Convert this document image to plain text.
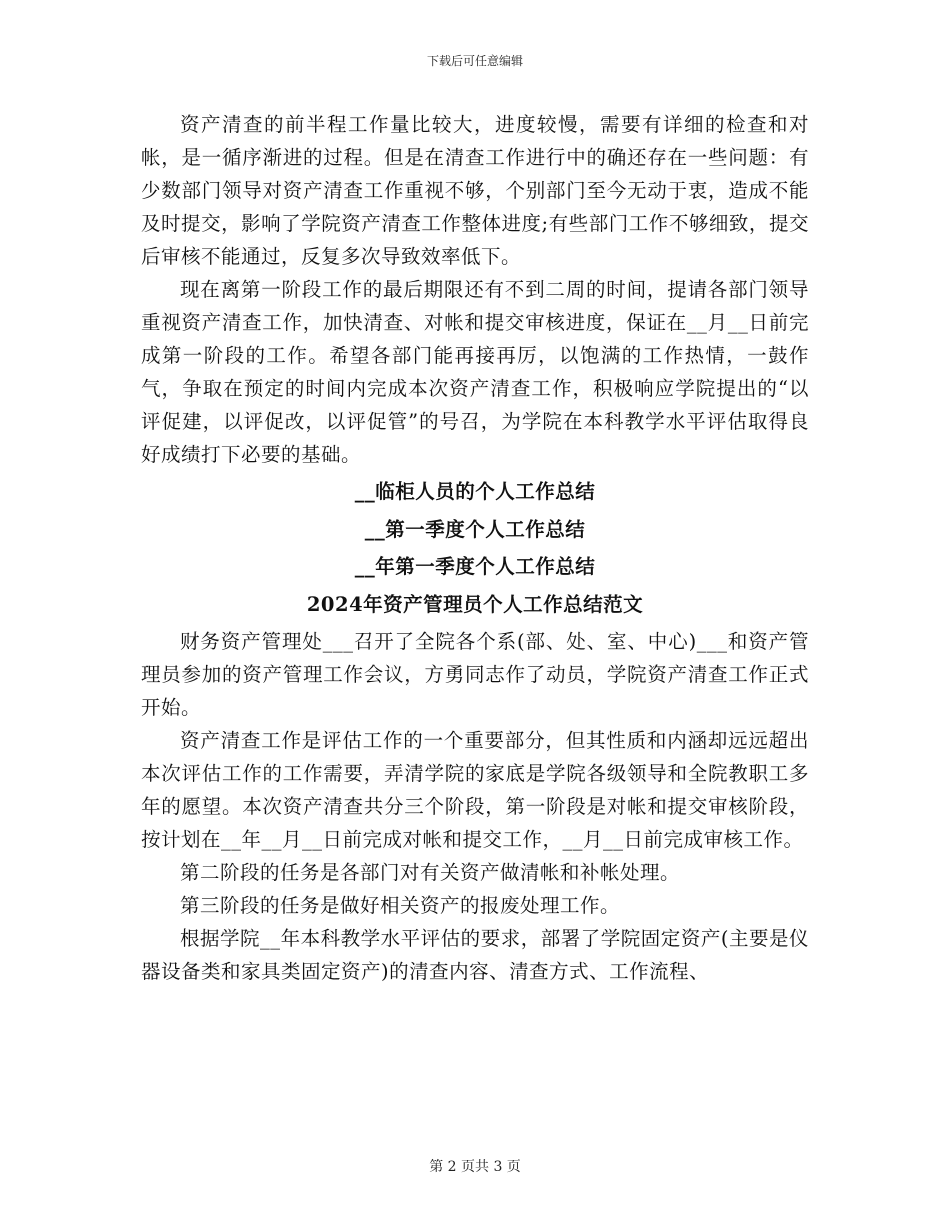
下载后可任意编辑

资产清查的前半程工作量比较大，进度较慢，需要有详细的检查和对帐，是一循序渐进的过程。但是在清查工作进行中的确还存在一些问题：有少数部门领导对资产清查工作重视不够，个别部门至今无动于衷，造成不能及时提交，影响了学院资产清查工作整体进度;有些部门工作不够细致，提交后审核不能通过，反复多次导致效率低下。

现在离第一阶段工作的最后期限还有不到二周的时间，提请各部门领导重视资产清查工作，加快清查、对帐和提交审核进度，保证在__月__日前完成第一阶段的工作。希望各部门能再接再厉，以饱满的工作热情，一鼓作气，争取在预定的时间内完成本次资产清查工作，积极响应学院提出的“以评促建，以评促改，以评促管”的号召，为学院在本科教学水平评估取得良好成绩打下必要的基础。

__临柜人员的个人工作总结

__第一季度个人工作总结

__年第一季度个人工作总结

2024年资产管理员个人工作总结范文

财务资产管理处___召开了全院各个系(部、处、室、中心)___和资产管理员参加的资产管理工作会议，方勇同志作了动员，学院资产清查工作正式开始。

资产清查工作是评估工作的一个重要部分，但其性质和内涵却远远超出本次评估工作的工作需要，弄清学院的家底是学院各级领导和全院教职工多年的愿望。本次资产清查共分三个阶段，第一阶段是对帐和提交审核阶段，按计划在__年__月__日前完成对帐和提交工作，__月__日前完成审核工作。

第二阶段的任务是各部门对有关资产做清帐和补帐处理。

第三阶段的任务是做好相关资产的报废处理工作。

根据学院__年本科教学水平评估的要求，部署了学院固定资产(主要是仪器设备类和家具类固定资产)的清查内容、清查方式、工作流程、

第 2 页共 3 页
